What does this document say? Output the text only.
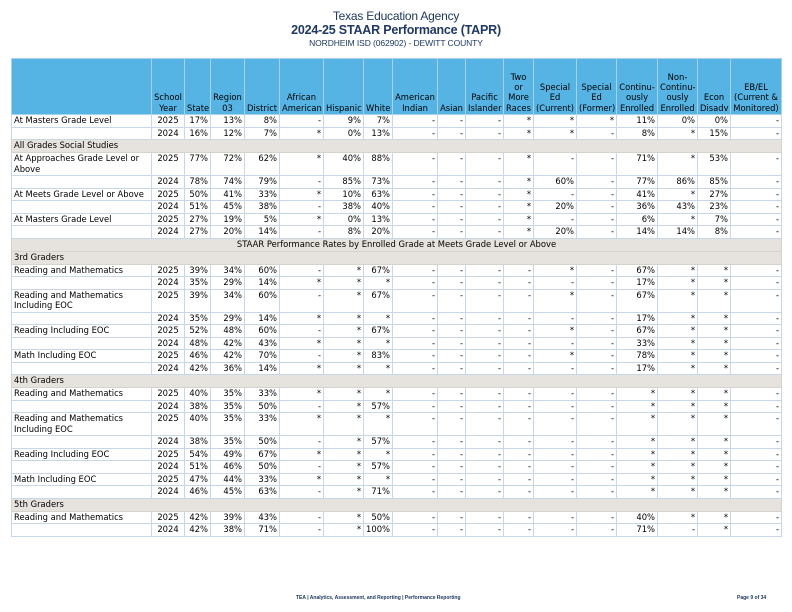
Texas Education Agency
2024-25 STAAR Performance (TAPR)
NORDHEIM ISD (062902) - DEWITT COUNTY
	School Year	State	Region 03	District	African American	Hispanic	White	American Indian	Asian	Pacific Islander	Two or More Races	Special Ed (Current)	Special Ed (Former)	Continu-ously Enrolled	Non-Continu-ously Enrolled	Econ Disadv	EB/EL (Current & Monitored)
At Masters Grade Level	2025	17%	13%	8%	-	9%	7%	-	-	-	*	*	*	11%	0%	0%	-
	2024	16%	12%	7%	*	0%	13%	-	-	-	*	*	-	8%	*	15%	-
All Grades Social Studies																	
At Approaches Grade Level or Above	2025	77%	72%	62%	*	40%	88%	-	-	-	*	-	-	71%	*	53%	-
	2024	78%	74%	79%	-	85%	73%	-	-	-	*	60%	-	77%	86%	85%	-
At Meets Grade Level or Above	2025	50%	41%	33%	*	10%	63%	-	-	-	*	-	-	41%	*	27%	-
	2024	51%	45%	38%	-	38%	40%	-	-	-	*	20%	-	36%	43%	23%	-
At Masters Grade Level	2025	27%	19%	5%	*	0%	13%	-	-	-	*	-	-	6%	*	7%	-
	2024	27%	20%	14%	-	8%	20%	-	-	-	*	20%	-	14%	14%	8%	-
STAAR Performance Rates by Enrolled Grade at Meets Grade Level or Above																	
3rd Graders																	
Reading and Mathematics	2025	39%	34%	60%	-	*	67%	-	-	-	-	*	-	67%	*	*	-
	2024	35%	29%	14%	*	*	*	-	-	-	-	-	-	17%	*	*	-
Reading and Mathematics Including EOC	2025	39%	34%	60%	-	*	67%	-	-	-	-	*	-	67%	*	*	-
	2024	35%	29%	14%	*	*	*	-	-	-	-	-	-	17%	*	*	-
Reading Including EOC	2025	52%	48%	60%	-	*	67%	-	-	-	-	*	-	67%	*	*	-
	2024	48%	42%	43%	*	*	*	-	-	-	-	-	-	33%	*	*	-
Math Including EOC	2025	46%	42%	70%	-	*	83%	-	-	-	-	*	-	78%	*	*	-
	2024	42%	36%	14%	*	*	*	-	-	-	-	-	-	17%	*	*	-
4th Graders																	
Reading and Mathematics	2025	40%	35%	33%	*	*	*	-	-	-	-	-	-	*	*	*	-
	2024	38%	35%	50%	-	*	57%	-	-	-	-	-	-	*	*	*	-
Reading and Mathematics Including EOC	2025	40%	35%	33%	*	*	*	-	-	-	-	-	-	*	*	*	-
	2024	38%	35%	50%	-	*	57%	-	-	-	-	-	-	*	*	*	-
Reading Including EOC	2025	54%	49%	67%	*	*	*	-	-	-	-	-	-	*	*	*	-
	2024	51%	46%	50%	-	*	57%	-	-	-	-	-	-	*	*	*	-
Math Including EOC	2025	47%	44%	33%	*	*	*	-	-	-	-	-	-	*	*	*	-
	2024	46%	45%	63%	-	*	71%	-	-	-	-	-	-	*	*	*	-
5th Graders																	
Reading and Mathematics	2025	42%	39%	43%	-	*	50%	-	-	-	-	-	-	40%	*	*	-
	2024	42%	38%	71%	-	*	100%	-	-	-	-	-	-	71%	-	*	-
TEA | Analytics, Assessment, and Reporting | Performance Reporting	Page 9 of 34
